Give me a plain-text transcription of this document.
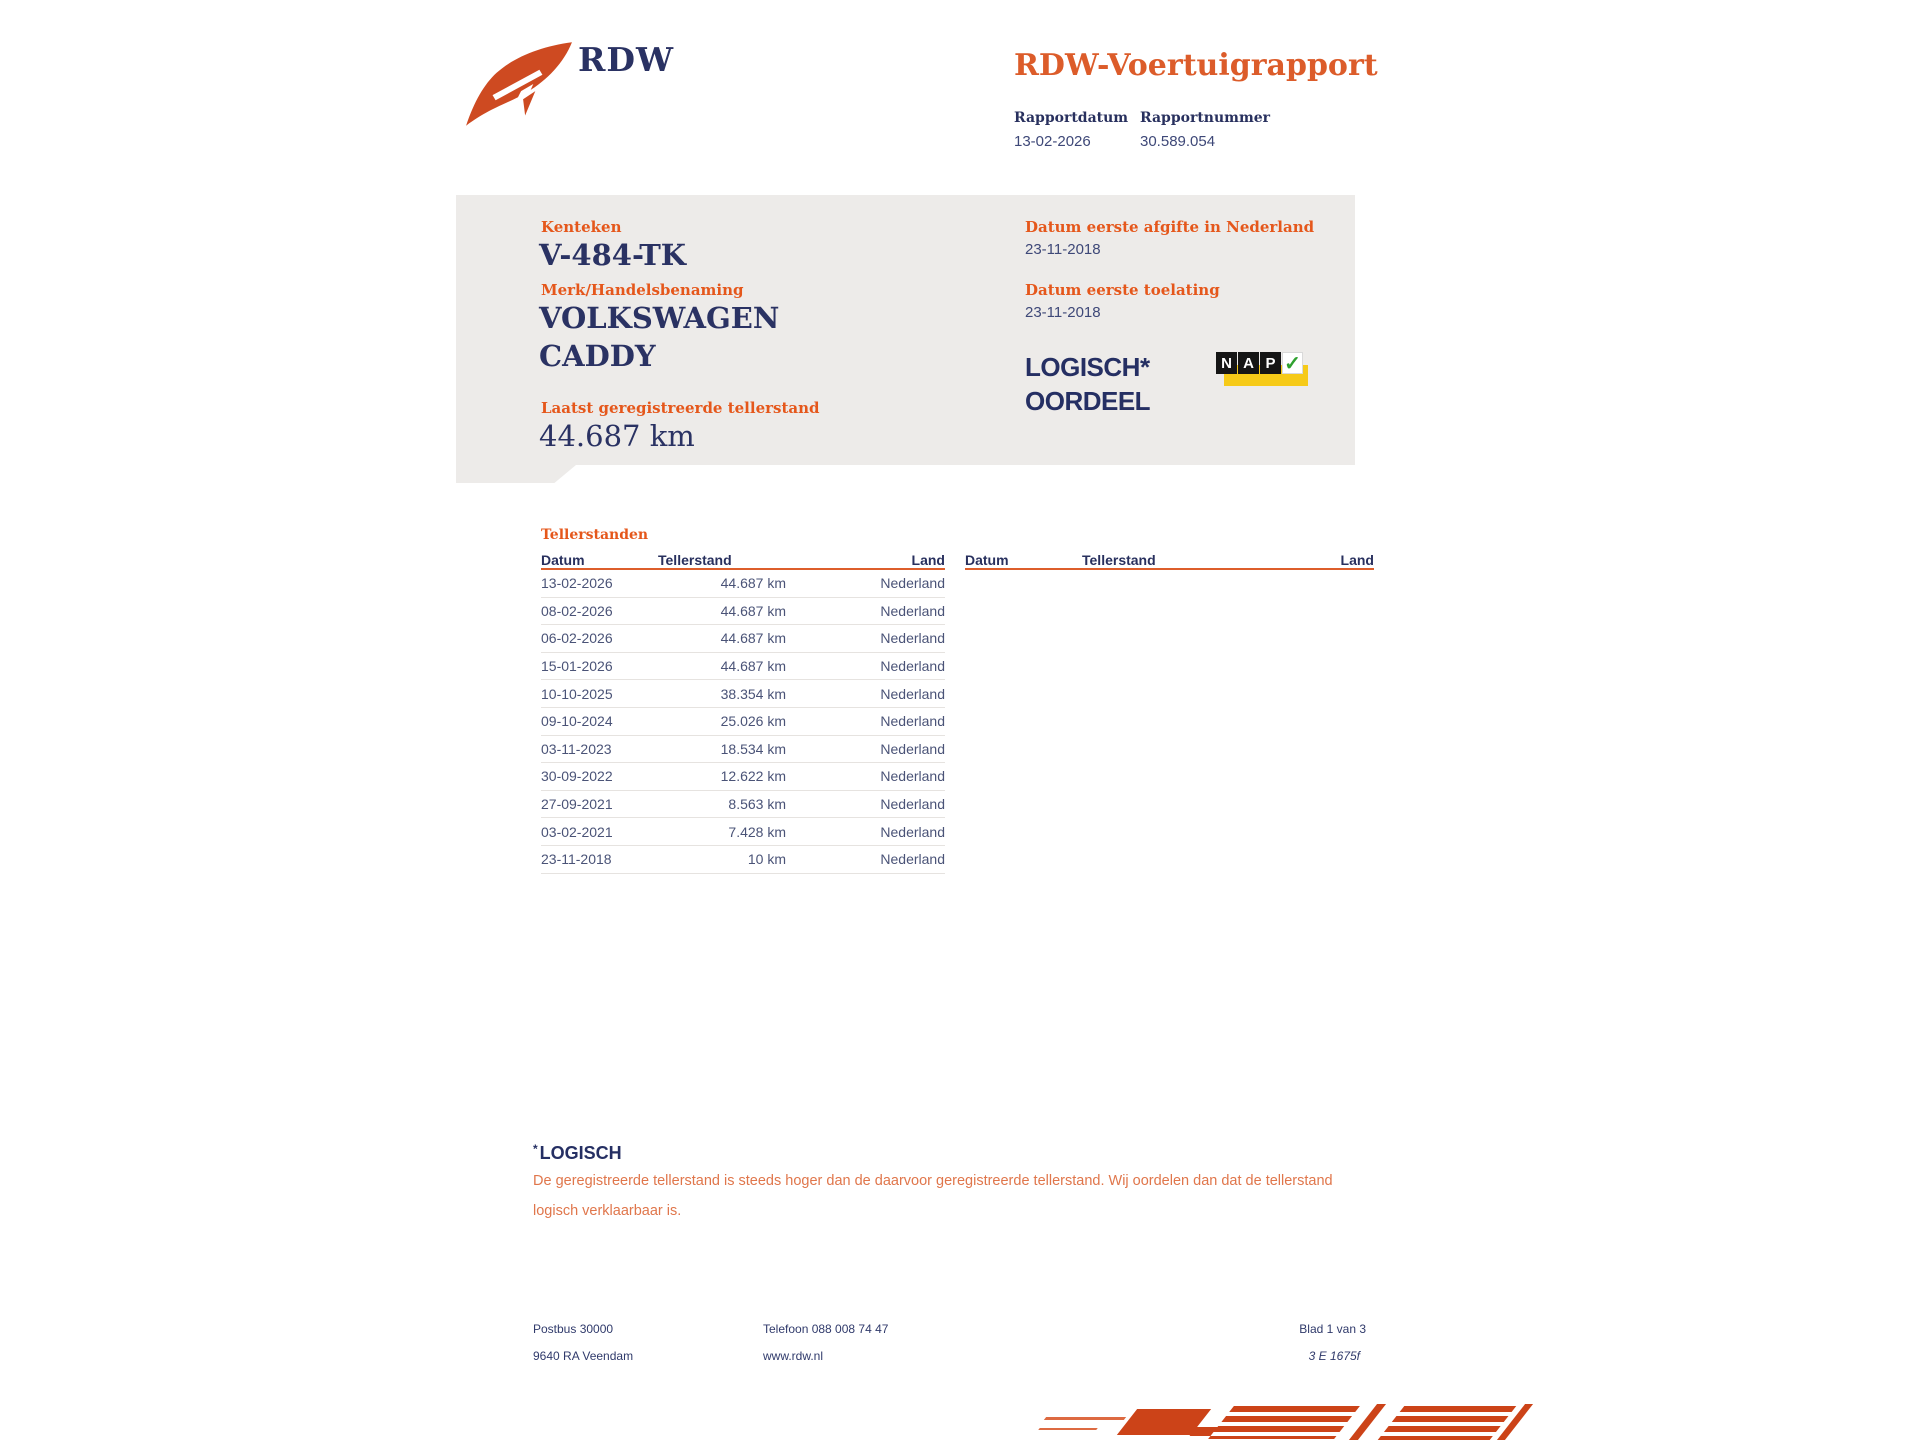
RDW	RDW-Voertuigrapport
Rapportdatum
13-02-2026
Rapportnummer
30.589.054
Kenteken
V-484-TK
Merk/Handelsbenaming
VOLKSWAGEN
CADDY
Laatst geregistreerde tellerstand
44.687 km
Datum eerste afgifte in Nederland
23-11-2018
Datum eerste toelating
23-11-2018
LOGISCH*
OORDEEL
N A P ✓
Tellerstanden
Datum	Tellerstand	Land
13-02-2026	44.687 km	Nederland
08-02-2026	44.687 km	Nederland
06-02-2026	44.687 km	Nederland
15-01-2026	44.687 km	Nederland
10-10-2025	38.354 km	Nederland
09-10-2024	25.026 km	Nederland
03-11-2023	18.534 km	Nederland
30-09-2022	12.622 km	Nederland
27-09-2021	8.563 km	Nederland
03-02-2021	7.428 km	Nederland
23-11-2018	10 km	Nederland
Datum	Tellerstand	Land
* LOGISCH
De geregistreerde tellerstand is steeds hoger dan de daarvoor geregistreerde tellerstand. Wij oordelen dan dat de tellerstand logisch verklaarbaar is.
Postbus 30000
9640 RA Veendam
Telefoon 088 008 74 47
www.rdw.nl
Blad 1 van 3
3 E 1675f
